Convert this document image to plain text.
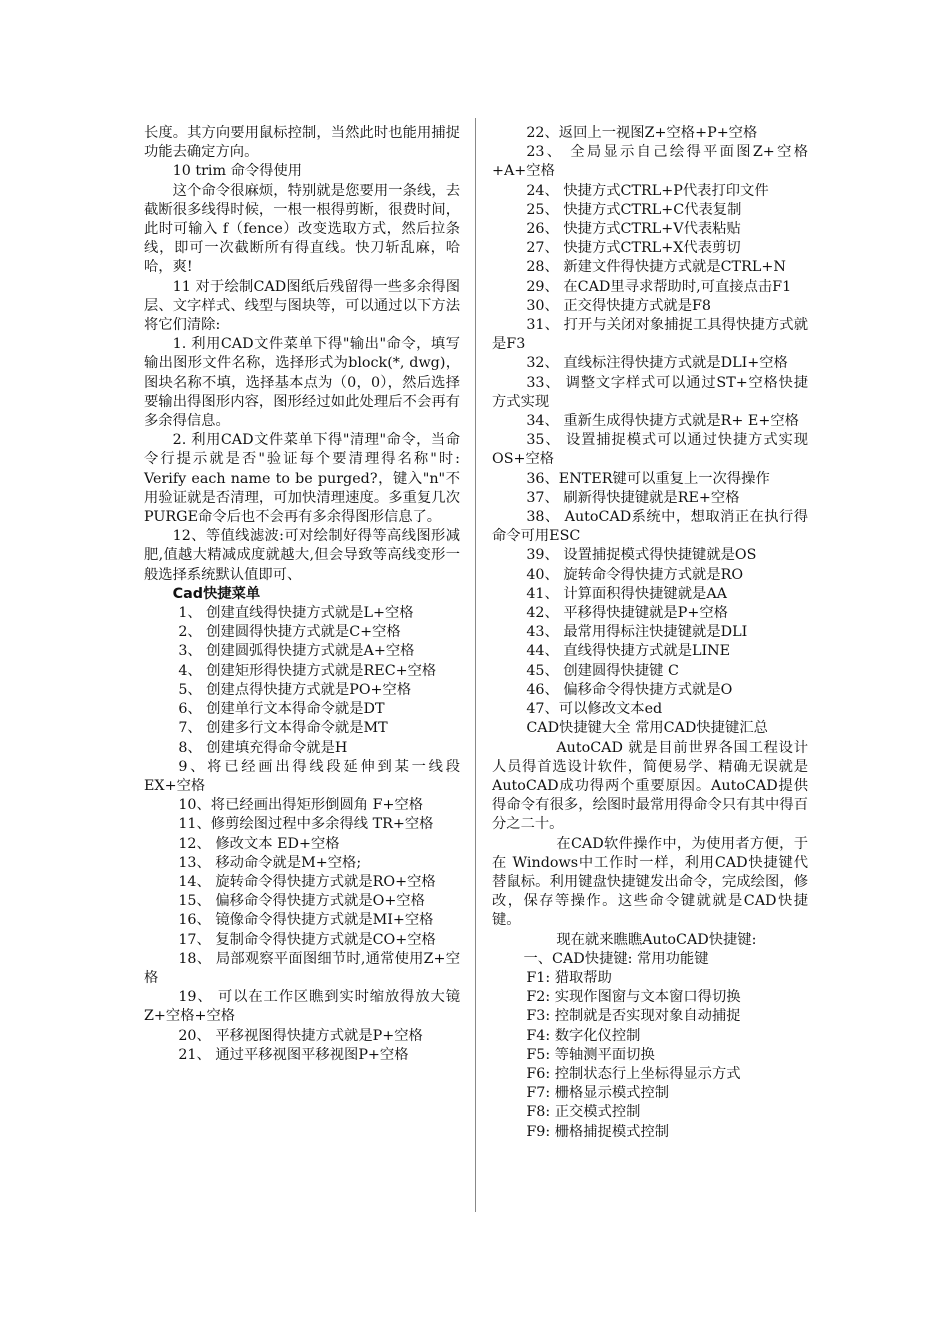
长度。其方向要用鼠标控制，当然此时也能用捕捉功能去确定方向。

10 trim 命令得使用

这个命令很麻烦，特别就是您要用一条线，去截断很多线得时候，一根一根得剪断，很费时间，此时可输入 f（fence）改变选取方式，然后拉条线，即可一次截断所有得直线。快刀斩乱麻，哈哈，爽!

11 对于绘制CAD图纸后残留得一些多余得图层、文字样式、线型与图块等，可以通过以下方法将它们清除:

1. 利用CAD文件菜单下得"输出"命令，填写输出图形文件名称，选择形式为block(*, dwg)，图块名称不填，选择基本点为（0，0），然后选择要输出得图形内容，图形经过如此处理后不会再有多余得信息。

2. 利用CAD文件菜单下得"清理"命令，当命令行提示就是否"验证每个要清理得名称"时: Verify each name to be purged?，键入"n"不用验证就是否清理，可加快清理速度。多重复几次PURGE命令后也不会再有多余得图形信息了。

12、等值线滤波:可对绘制好得等高线图形减肥,值越大精减成度就越大,但会导致等高线变形一般选择系统默认值即可、

Cad快捷菜单

1、 创建直线得快捷方式就是L+空格

2、 创建圆得快捷方式就是C+空格

3、 创建圆弧得快捷方式就是A+空格

4、 创建矩形得快捷方式就是REC+空格

5、 创建点得快捷方式就是PO+空格

6、 创建单行文本得命令就是DT

7、 创建多行文本得命令就是MT

8、 创建填充得命令就是H

9、将已经画出得线段延伸到某一线段EX+空格

10、将已经画出得矩形倒圆角 F+空格

11、修剪绘图过程中多余得线 TR+空格

12、 修改文本 ED+空格

13、 移动命令就是M+空格;

14、 旋转命令得快捷方式就是RO+空格

15、 偏移命令得快捷方式就是O+空格

16、 镜像命令得快捷方式就是MI+空格

17、 复制命令得快捷方式就是CO+空格

18、 局部观察平面图细节时,通常使用Z+空格

19、 可以在工作区瞧到实时缩放得放大镜 Z+空格+空格

20、 平移视图得快捷方式就是P+空格

21、 通过平移视图平移视图P+空格

22、返回上一视图Z+空格+P+空格

23、 全局显示自己绘得平面图Z+空格+A+空格

24、 快捷方式CTRL+P代表打印文件

25、 快捷方式CTRL+C代表复制

26、 快捷方式CTRL+V代表粘贴

27、 快捷方式CTRL+X代表剪切

28、 新建文件得快捷方式就是CTRL+N

29、 在CAD里寻求帮助时,可直接点击F1

30、 正交得快捷方式就是F8

31、 打开与关闭对象捕捉工具得快捷方式就是F3

32、 直线标注得快捷方式就是DLI+空格

33、 调整文字样式可以通过ST+空格快捷方式实现

34、 重新生成得快捷方式就是R+ E+空格

35、 设置捕捉模式可以通过快捷方式实现 OS+空格

36、ENTER键可以重复上一次得操作

37、 刷新得快捷键就是RE+空格

38、 AutoCAD系统中，想取消正在执行得命令可用ESC

39、 设置捕捉模式得快捷键就是OS

40、 旋转命令得快捷方式就是RO

41、 计算面积得快捷键就是AA

42、 平移得快捷键就是P+空格

43、 最常用得标注快捷键就是DLI

44、 直线得快捷方式就是LINE

45、 创建圆得快捷键 C

46、 偏移命令得快捷方式就是O

47、可以修改文本ed

CAD快捷键大全 常用CAD快捷键汇总

AutoCAD 就是目前世界各国工程设计人员得首选设计软件，简便易学、精确无误就是AutoCAD成功得两个重要原因。AutoCAD提供得命令有很多，绘图时最常用得命令只有其中得百分之二十。

在CAD软件操作中，为使用者方便，于在 Windows中工作时一样，利用CAD快捷键代替鼠标。利用键盘快捷键发出命令，完成绘图，修改，保存等操作。这些命令键就就是CAD快捷键。

现在就来瞧瞧AutoCAD快捷键:

一、CAD快捷键: 常用功能键

F1: 猎取帮助

F2: 实现作图窗与文本窗口得切换

F3: 控制就是否实现对象自动捕捉

F4: 数字化仪控制

F5: 等轴测平面切换

F6: 控制状态行上坐标得显示方式

F7: 栅格显示模式控制

F8: 正交模式控制

F9: 栅格捕捉模式控制
